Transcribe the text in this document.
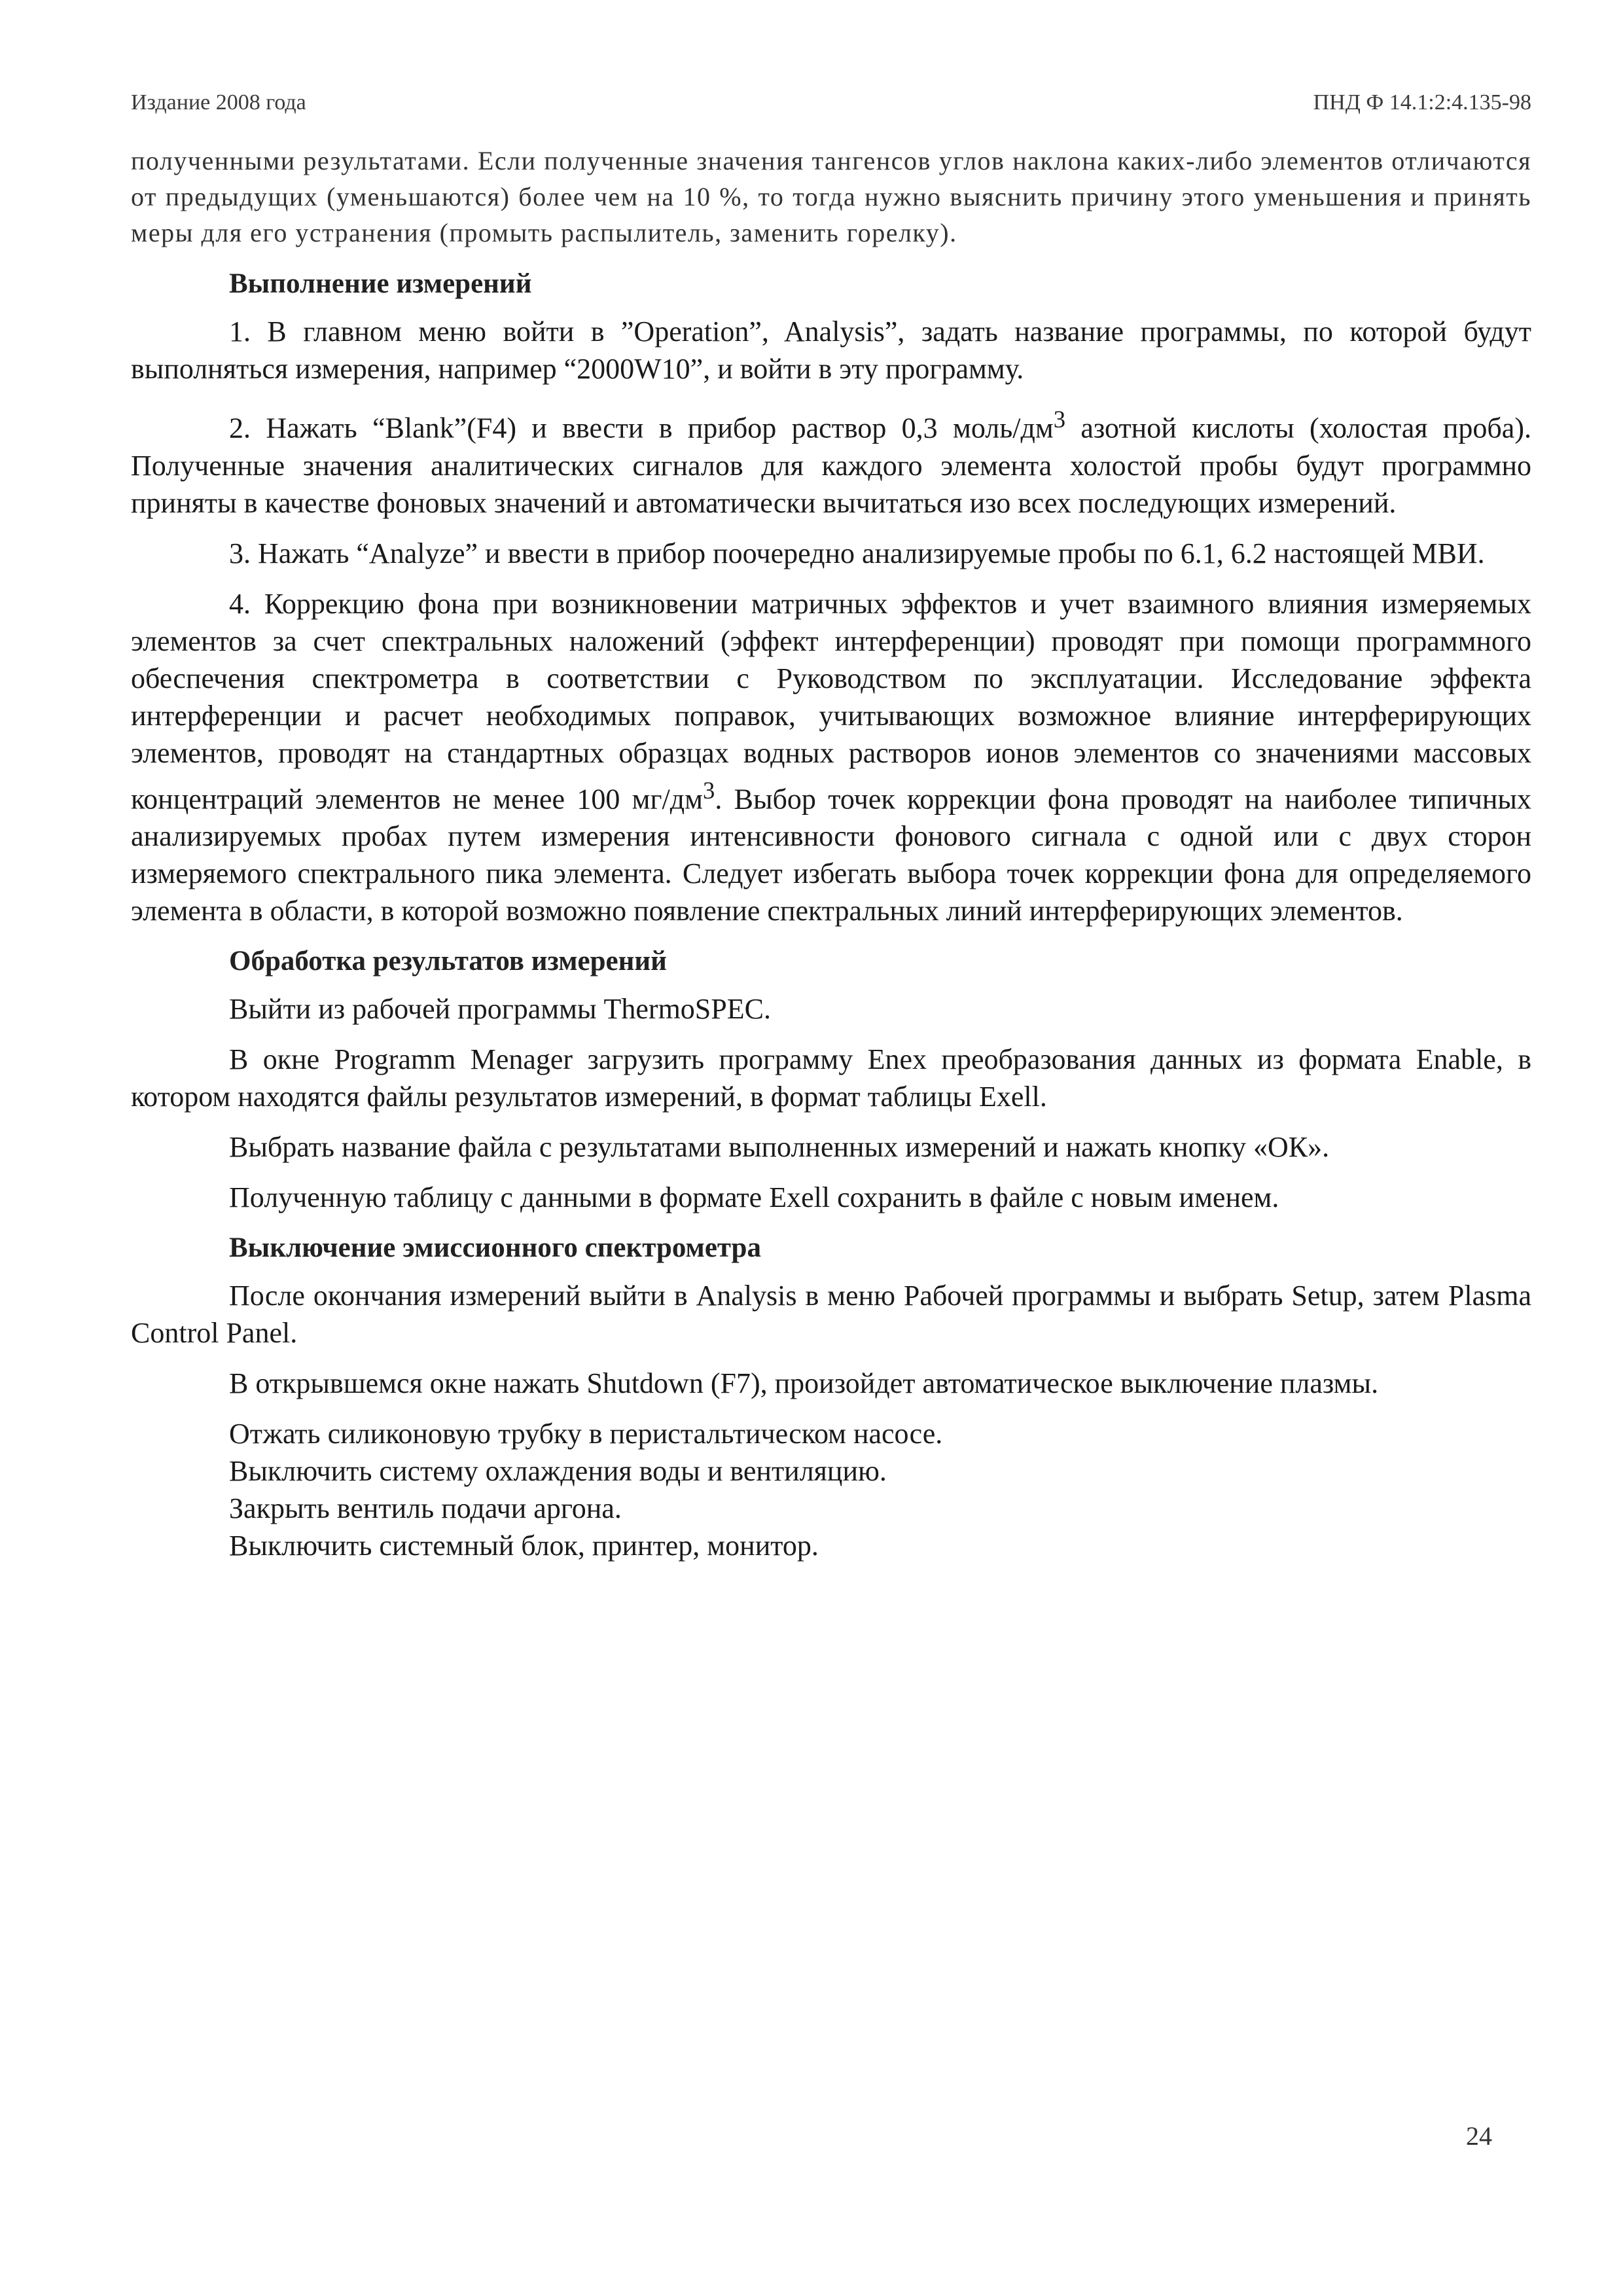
Издание 2008 года	ПНД Ф 14.1:2:4.135-98

полученными результатами. Если полученные значения тангенсов углов наклона каких-либо элементов отличаются от предыдущих (уменьшаются) более чем на 10 %, то тогда нужно выяснить причину этого уменьшения и принять меры для его устранения (промыть распылитель, заменить горелку).

Выполнение измерений

1. В главном меню войти в ”Operation”, Analysis”, задать название программы, по которой будут выполняться измерения, например “2000W10”, и войти в эту программу.

2. Нажать “Blank”(F4) и ввести в прибор раствор 0,3 моль/$дм^3$ азотной кислоты (холостая проба). Полученные значения аналитических сигналов для каждого элемента холостой пробы будут программно приняты в качестве фоновых значений и автоматически вычитаться изо всех последующих измерений.

3. Нажать “Analyze” и ввести в прибор поочередно анализируемые пробы по 6.1, 6.2 настоящей МВИ.

4. Коррекцию фона при возникновении матричных эффектов и учет взаимного влияния измеряемых элементов за счет спектральных наложений (эффект интерференции) проводят при помощи программного обеспечения спектрометра в соответствии с Руководством по эксплуатации. Исследование эффекта интерференции и расчет необходимых поправок, учитывающих возможное влияние интерферирующих элементов, проводят на стандартных образцах водных растворов ионов элементов со значениями массовых концентраций элементов не менее 100 $мг/дм^3$. Выбор точек коррекции фона проводят на наиболее типичных анализируемых пробах путем измерения интенсивности фонового сигнала с одной или с двух сторон измеряемого спектрального пика элемента. Следует избегать выбора точек коррекции фона для определяемого элемента в области, в которой возможно появление спектральных линий интерферирующих элементов.

Обработка результатов измерений

Выйти из рабочей программы ThermoSPEC.

В окне Programm Menager загрузить программу Enex преобразования данных из формата Enable, в котором находятся файлы результатов измерений, в формат таблицы Exell.

Выбрать название файла с результатами выполненных измерений и нажать кнопку «ОК».

Полученную таблицу с данными в формате Exell сохранить в файле с новым именем.

Выключение эмиссионного спектрометра

После окончания измерений выйти в Analysis в меню Рабочей программы и выбрать Setup, затем Plasma Control Panel.

В открывшемся окне нажать Shutdown (F7), произойдет автоматическое выключение плазмы.

Отжать силиконовую трубку в перистальтическом насосе.

Выключить систему охлаждения воды и вентиляцию.

Закрыть вентиль подачи аргона.

Выключить системный блок, принтер, монитор.

24
